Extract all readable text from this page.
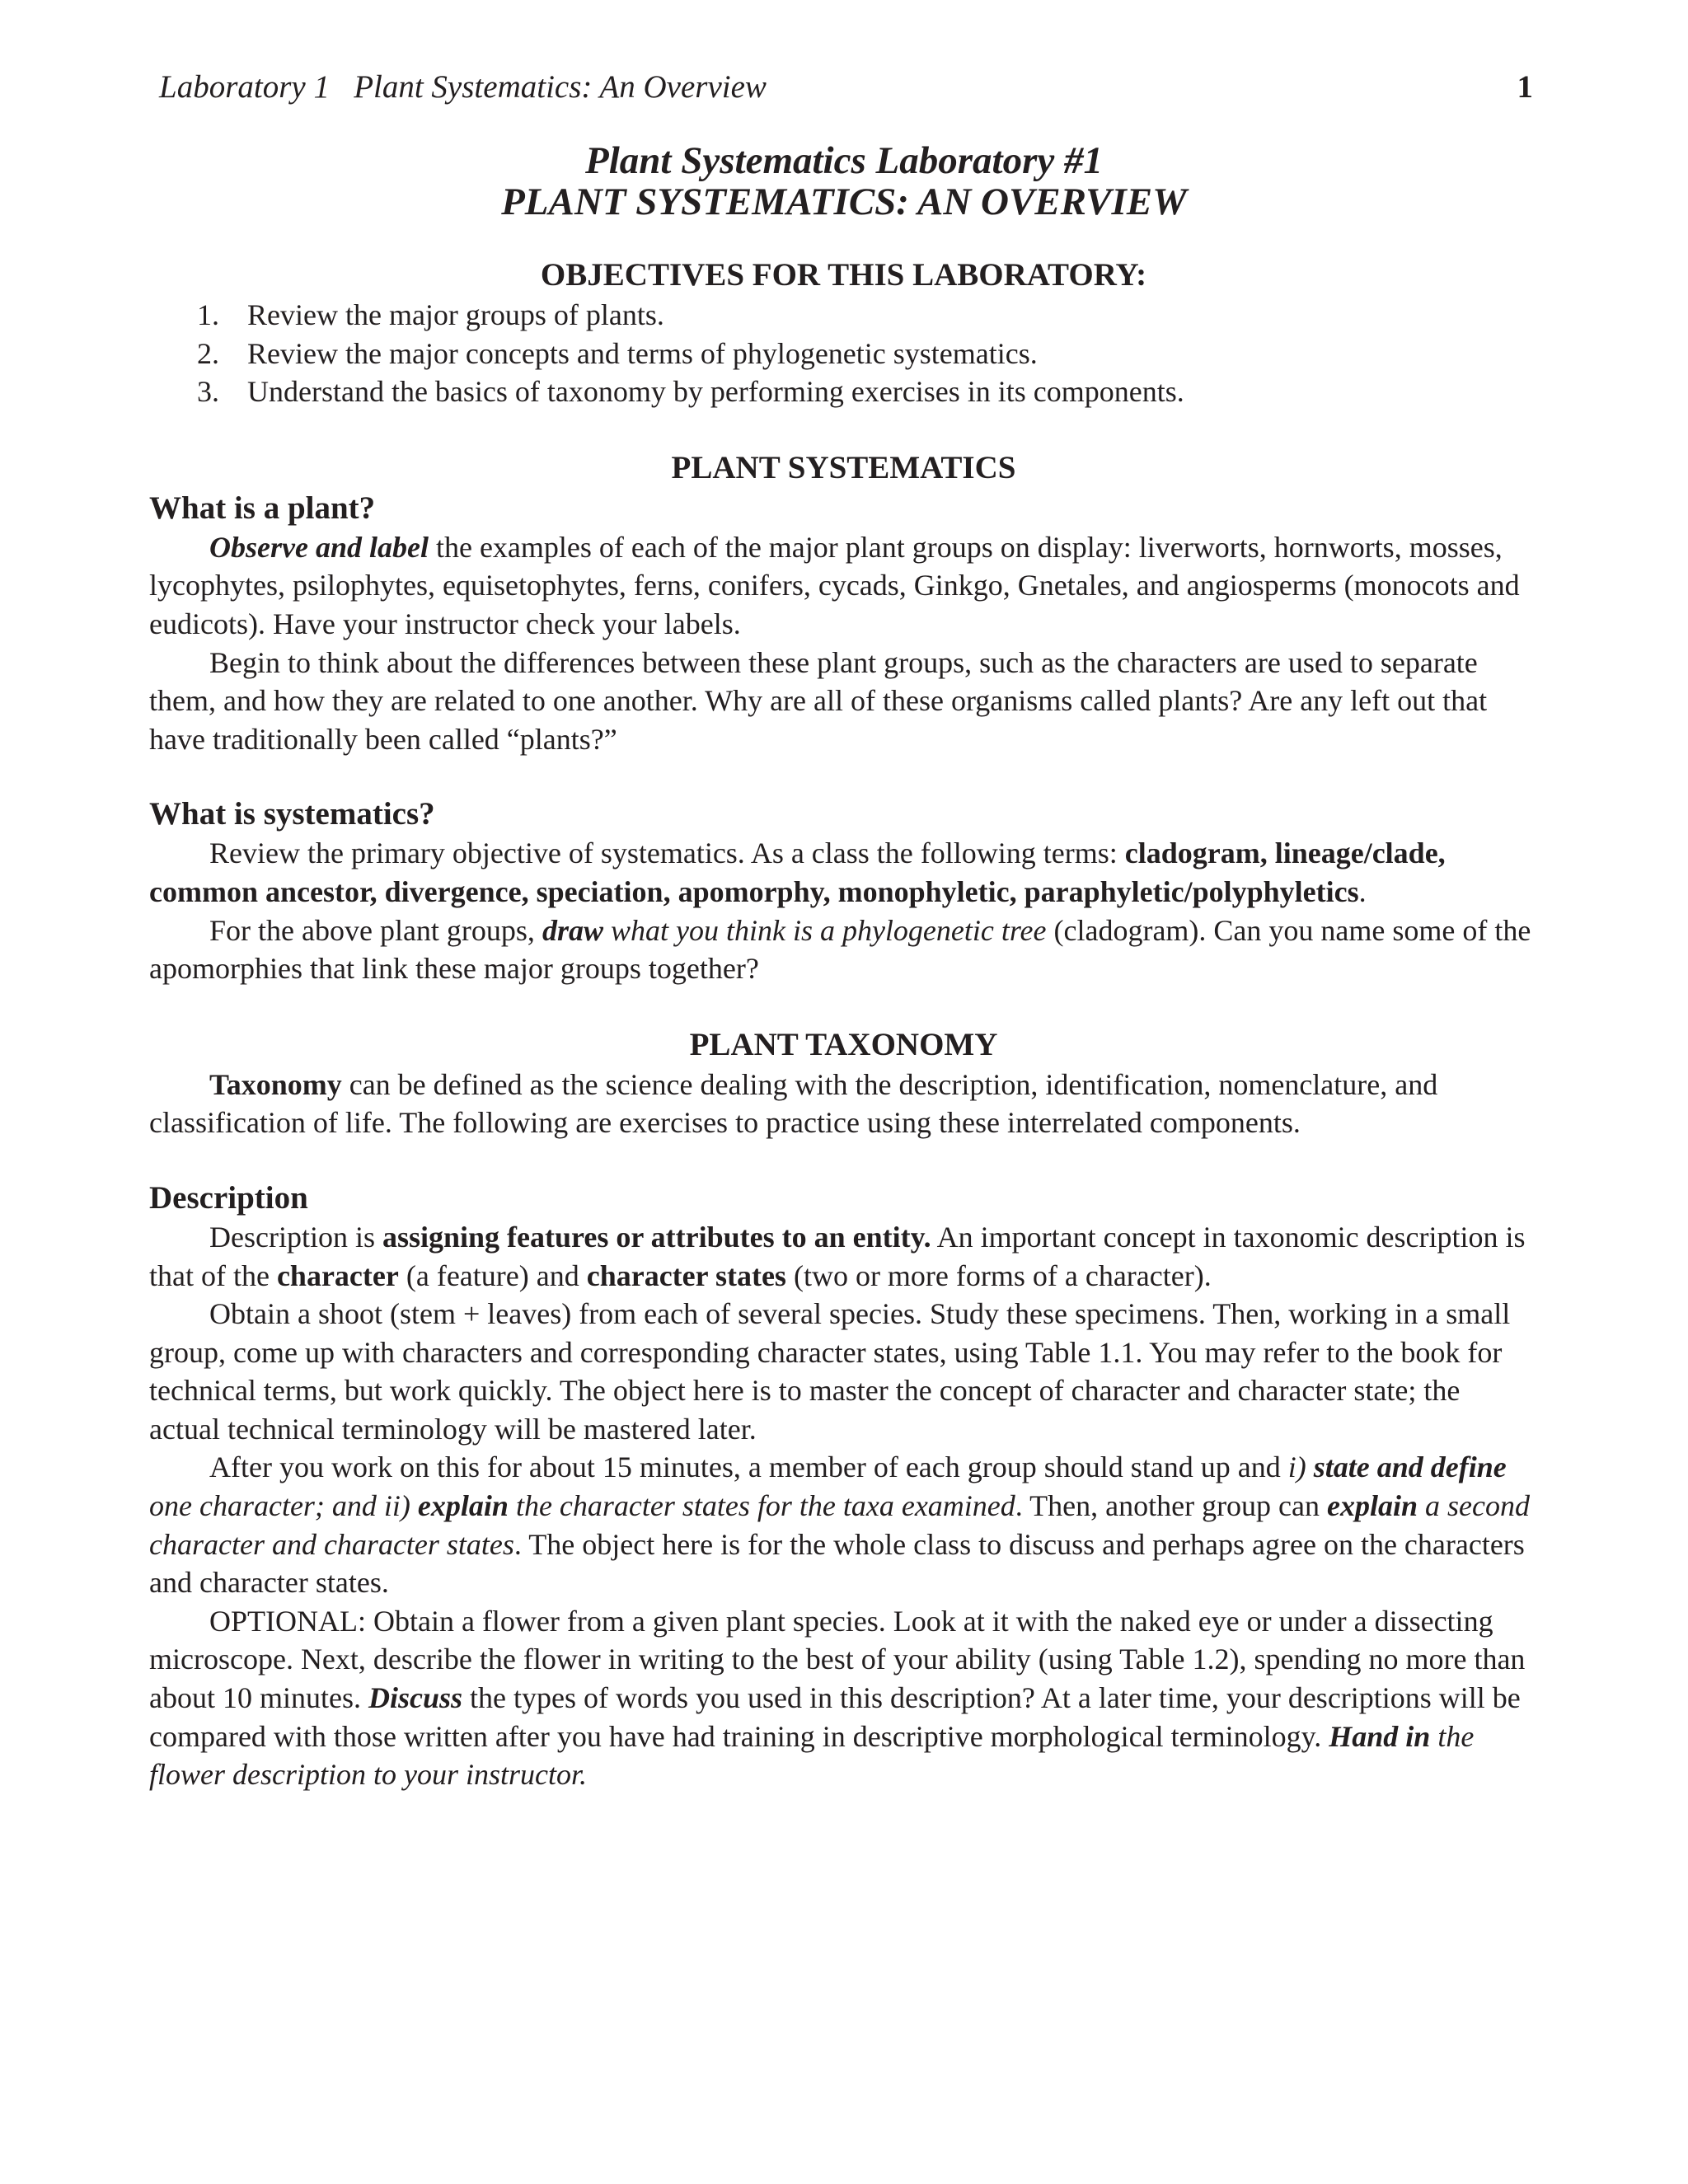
Laboratory 1   Plant Systematics: An Overview	1
Plant Systematics Laboratory #1
PLANT SYSTEMATICS: AN OVERVIEW
OBJECTIVES FOR THIS LABORATORY:
1. Review the major groups of plants.
2. Review the major concepts and terms of phylogenetic systematics.
3. Understand the basics of taxonomy by performing exercises in its components.
PLANT SYSTEMATICS
What is a plant?

Observe and label the examples of each of the major plant groups on display: liverworts, hornworts, mosses, lycophytes, psilophytes, equisetophytes, ferns, conifers, cycads, Ginkgo, Gnetales, and angiosperms (monocots and eudicots). Have your instructor check your labels.

Begin to think about the differences between these plant groups, such as the characters are used to separate them, and how they are related to one another. Why are all of these organisms called plants? Are any left out that have traditionally been called “plants?”

What is systematics?

Review the primary objective of systematics. As a class the following terms: cladogram, lineage/clade, common ancestor, divergence, speciation, apomorphy, monophyletic, paraphyletic/polyphyletics.

For the above plant groups, draw what you think is a phylogenetic tree (cladogram). Can you name some of the apomorphies that link these major groups together?

PLANT TAXONOMY

Taxonomy can be defined as the science dealing with the description, identification, nomenclature, and classification of life. The following are exercises to practice using these interrelated components.

Description

Description is assigning features or attributes to an entity. An important concept in taxonomic description is that of the character (a feature) and character states (two or more forms of a character).

Obtain a shoot (stem + leaves) from each of several species. Study these specimens. Then, working in a small group, come up with characters and corresponding character states, using Table 1.1. You may refer to the book for technical terms, but work quickly. The object here is to master the concept of character and character state; the actual technical terminology will be mastered later.

After you work on this for about 15 minutes, a member of each group should stand up and i) state and define one character; and ii) explain the character states for the taxa examined. Then, another group can explain a second character and character states. The object here is for the whole class to discuss and perhaps agree on the characters and character states.

OPTIONAL: Obtain a flower from a given plant species. Look at it with the naked eye or under a dissecting microscope. Next, describe the flower in writing to the best of your ability (using Table 1.2), spending no more than about 10 minutes. Discuss the types of words you used in this description? At a later time, your descriptions will be compared with those written after you have had training in descriptive morphological terminology. Hand in the flower description to your instructor.
